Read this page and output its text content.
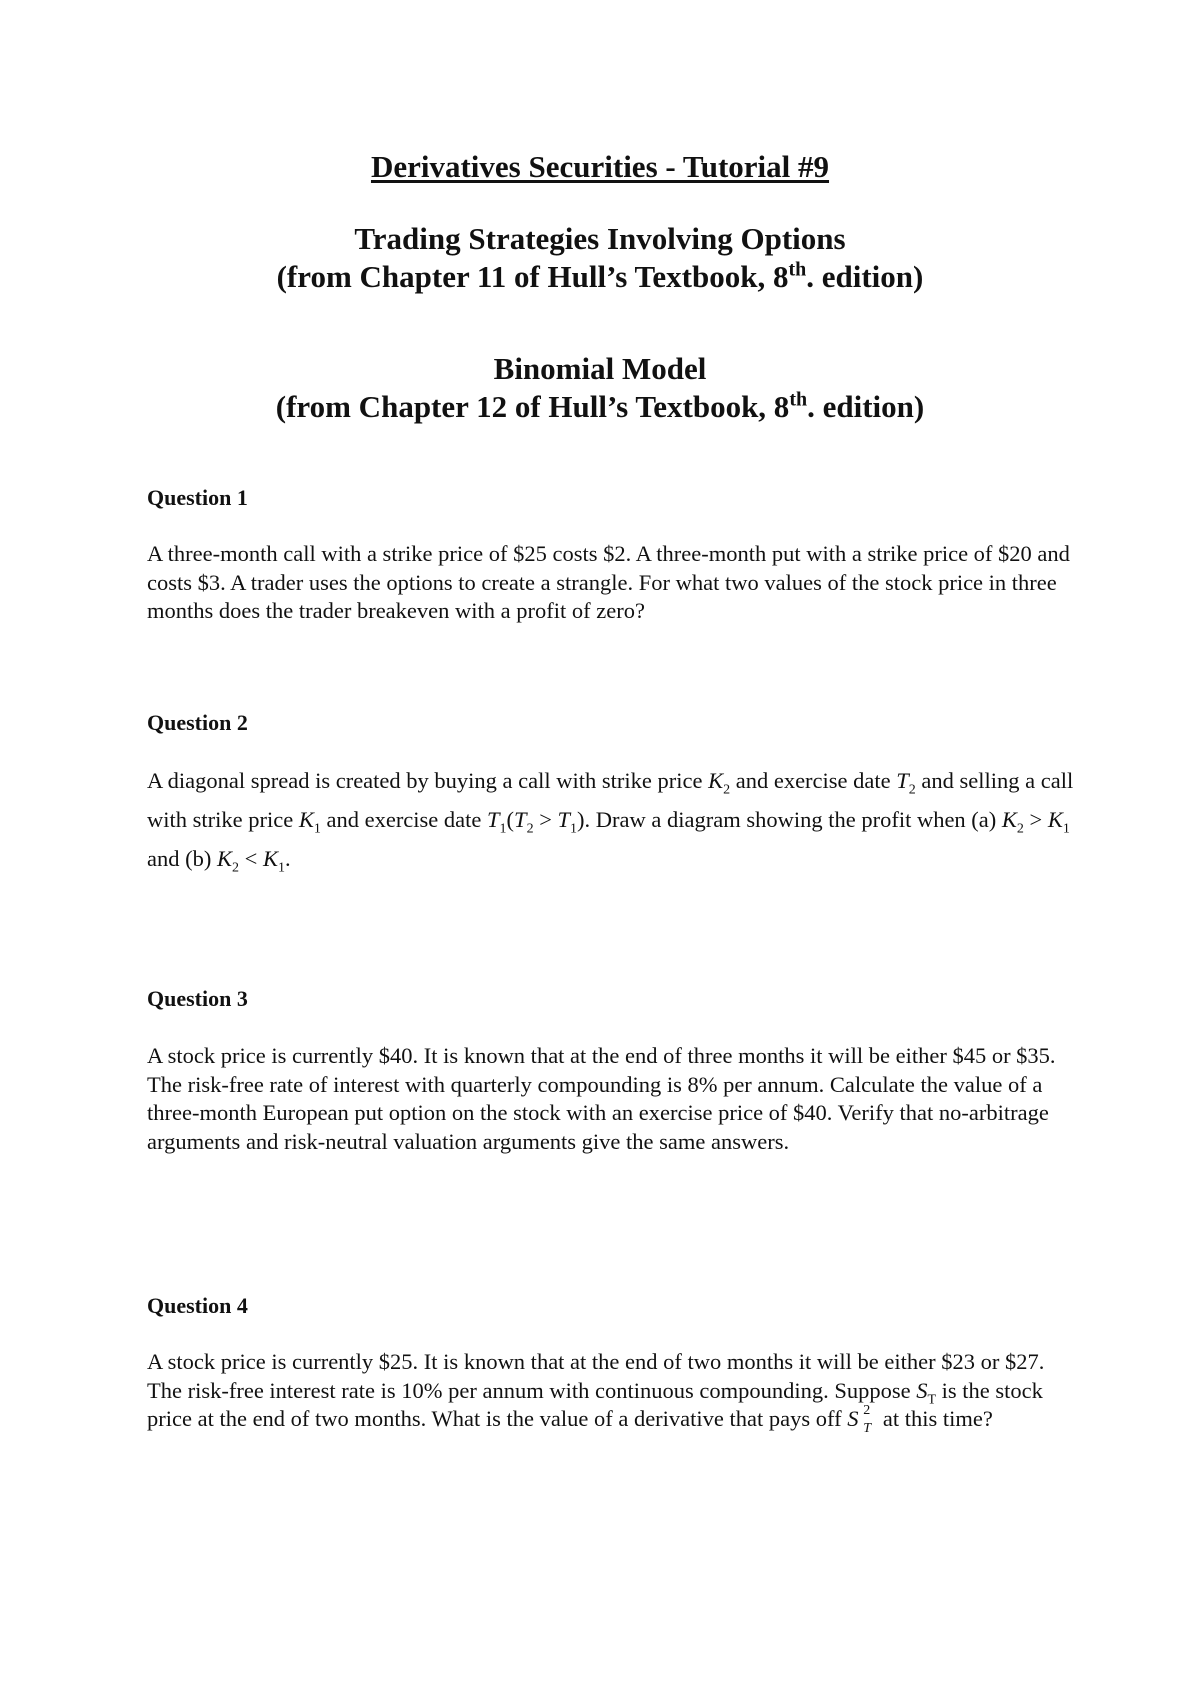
Derivatives Securities - Tutorial #9
Trading Strategies Involving Options
(from Chapter 11 of Hull’s Textbook, 8th. edition)
Binomial Model
(from Chapter 12 of Hull’s Textbook, 8th. edition)
Question 1
A three-month call with a strike price of $25 costs $2. A three-month put with a strike price of $20 and costs $3. A trader uses the options to create a strangle. For what two values of the stock price in three months does the trader breakeven with a profit of zero?
Question 2
A diagonal spread is created by buying a call with strike price $K_2$ and exercise date $T_2$ and selling a call with strike price $K_1$ and exercise date $T_1(T_2 > T_1)$. Draw a diagram showing the profit when (a) $K_2 > K_1$ and (b) $K_2 < K_1$.
Question 3
A stock price is currently $40. It is known that at the end of three months it will be either $45 or $35. The risk-free rate of interest with quarterly compounding is 8% per annum. Calculate the value of a three-month European put option on the stock with an exercise price of $40. Verify that no-arbitrage arguments and risk-neutral valuation arguments give the same answers.
Question 4
A stock price is currently $25. It is known that at the end of two months it will be either $23 or $27. The risk-free interest rate is 10% per annum with continuous compounding. Suppose $S_T$ is the stock price at the end of two months. What is the value of a derivative that pays off S 2
T at this time?
